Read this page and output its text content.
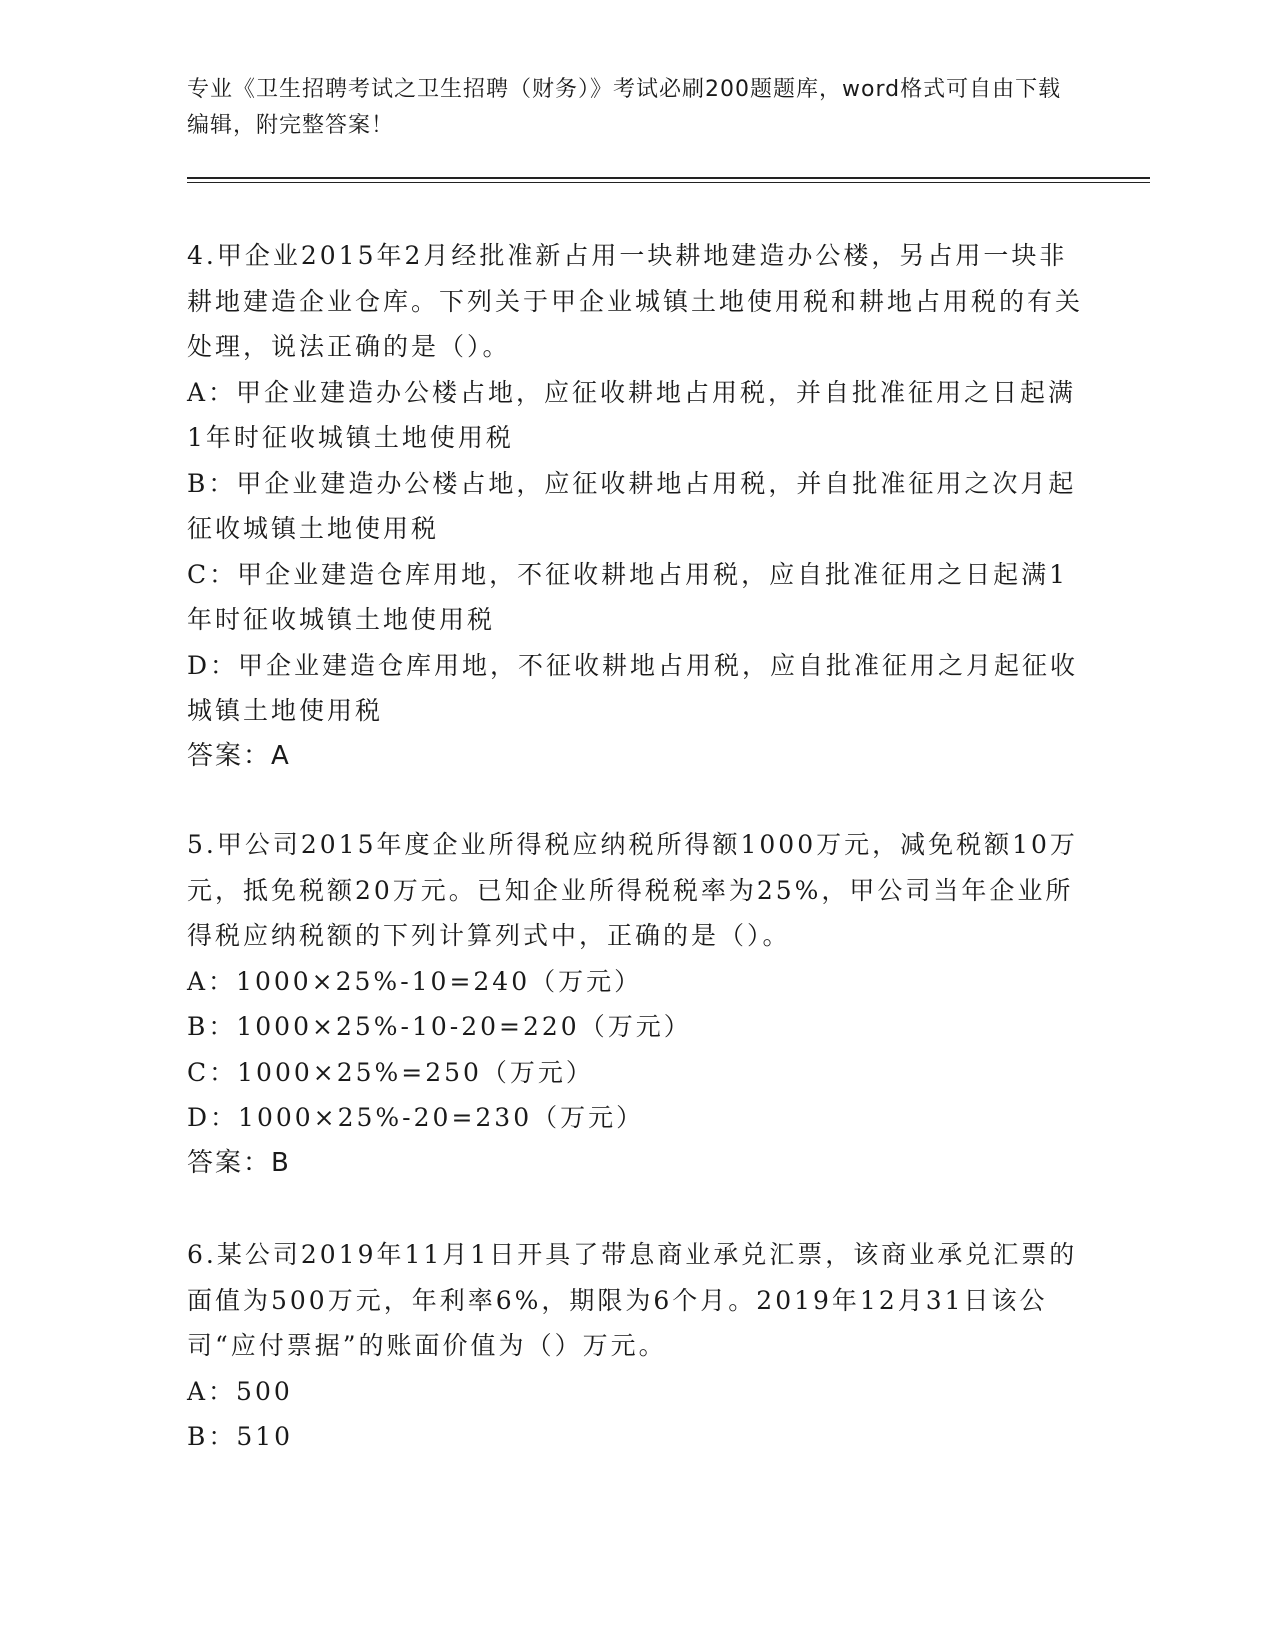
专业《卫生招聘考试之卫生招聘（财务）》考试必刷200题题库，word格式可自由下载编辑，附完整答案！

4.甲企业2015年2月经批准新占用一块耕地建造办公楼，另占用一块非耕地建造企业仓库。下列关于甲企业城镇土地使用税和耕地占用税的有关处理，说法正确的是（）。

A：甲企业建造办公楼占地，应征收耕地占用税，并自批准征用之日起满1年时征收城镇土地使用税

B：甲企业建造办公楼占地，应征收耕地占用税，并自批准征用之次月起征收城镇土地使用税

C：甲企业建造仓库用地，不征收耕地占用税，应自批准征用之日起满1年时征收城镇土地使用税

D：甲企业建造仓库用地，不征收耕地占用税，应自批准征用之月起征收城镇土地使用税

答案：A

5.甲公司2015年度企业所得税应纳税所得额1000万元，减免税额10万元，抵免税额20万元。已知企业所得税税率为25%，甲公司当年企业所得税应纳税额的下列计算列式中，正确的是（）。

A：1000×25%-10=240（万元）

B：1000×25%-10-20=220（万元）

C：1000×25%=250（万元）

D：1000×25%-20=230（万元）

答案：B

6.某公司2019年11月1日开具了带息商业承兑汇票，该商业承兑汇票的面值为500万元，年利率6%，期限为6个月。2019年12月31日该公司“应付票据”的账面价值为（）万元。

A：500

B：510
